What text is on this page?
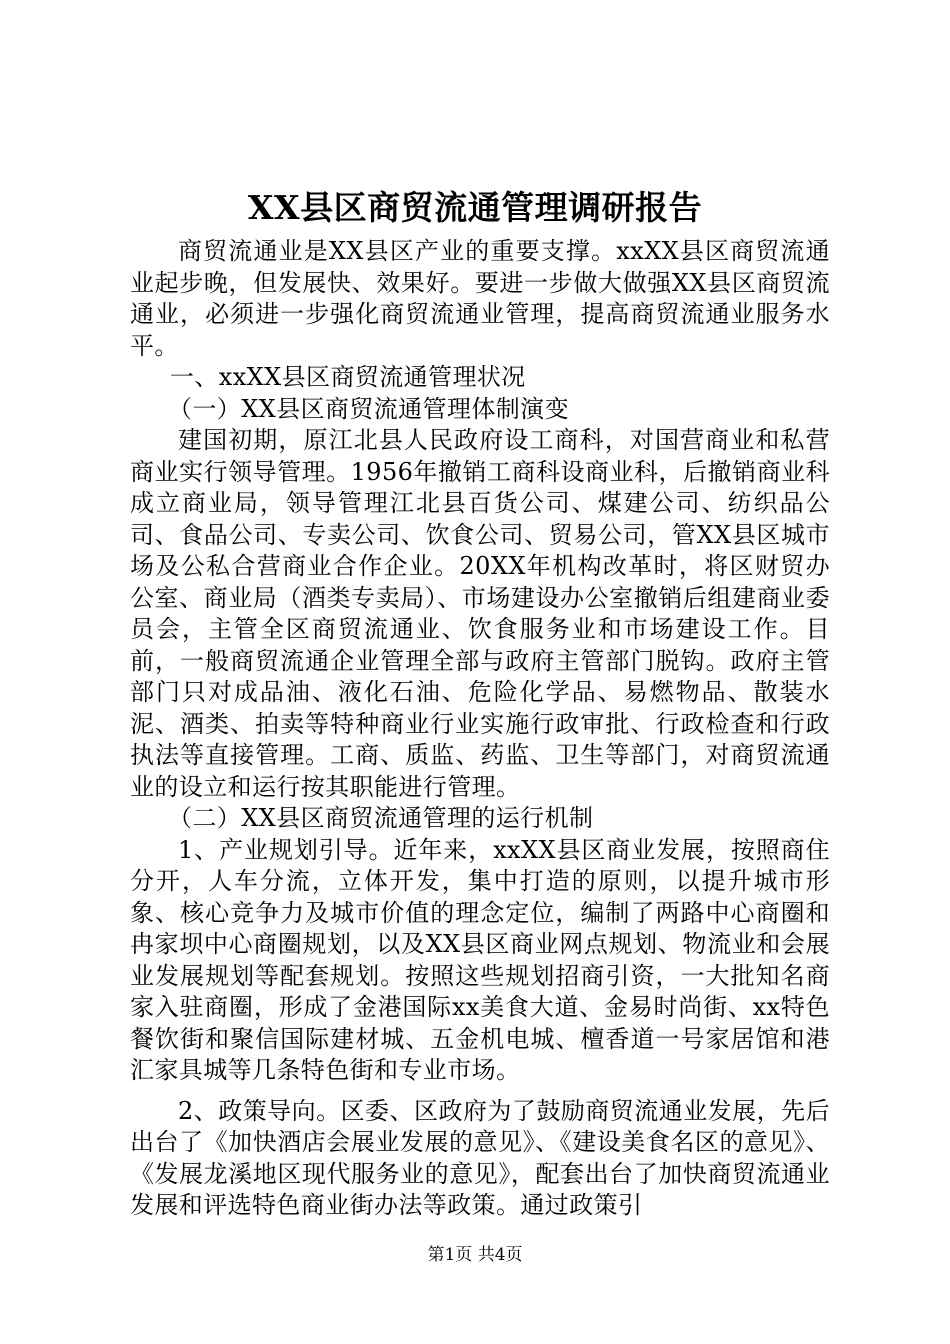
XX县区商贸流通管理调研报告

商贸流通业是XX县区产业的重要支撑。xxXX县区商贸流通业起步晚，但发展快、效果好。要进一步做大做强XX县区商贸流通业，必须进一步强化商贸流通业管理，提高商贸流通业服务水平。

一、xxXX县区商贸流通管理状况

（一）XX县区商贸流通管理体制演变

建国初期，原江北县人民政府设工商科，对国营商业和私营商业实行领导管理。1956年撤销工商科设商业科，后撤销商业科成立商业局，领导管理江北县百货公司、煤建公司、纺织品公司、食品公司、专卖公司、饮食公司、贸易公司，管XX县区城市场及公私合营商业合作企业。20XX年机构改革时，将区财贸办公室、商业局（酒类专卖局）、市场建设办公室撤销后组建商业委员会，主管全区商贸流通业、饮食服务业和市场建设工作。目前，一般商贸流通企业管理全部与政府主管部门脱钩。政府主管部门只对成品油、液化石油、危险化学品、易燃物品、散装水泥、酒类、拍卖等特种商业行业实施行政审批、行政检查和行政执法等直接管理。工商、质监、药监、卫生等部门，对商贸流通业的设立和运行按其职能进行管理。

（二）XX县区商贸流通管理的运行机制

1、产业规划引导。近年来，xxXX县区商业发展，按照商住分开，人车分流，立体开发，集中打造的原则，以提升城市形象、核心竞争力及城市价值的理念定位，编制了两路中心商圈和冉家坝中心商圈规划，以及XX县区商业网点规划、物流业和会展业发展规划等配套规划。按照这些规划招商引资，一大批知名商家入驻商圈，形成了金港国际xx美食大道、金易时尚街、xx特色餐饮街和聚信国际建材城、五金机电城、檀香道一号家居馆和港汇家具城等几条特色街和专业市场。

2、政策导向。区委、区政府为了鼓励商贸流通业发展，先后出台了《加快酒店会展业发展的意见》、《建设美食名区的意见》、《发展龙溪地区现代服务业的意见》，配套出台了加快商贸流通业发展和评选特色商业街办法等政策。通过政策引

第1页 共4页
